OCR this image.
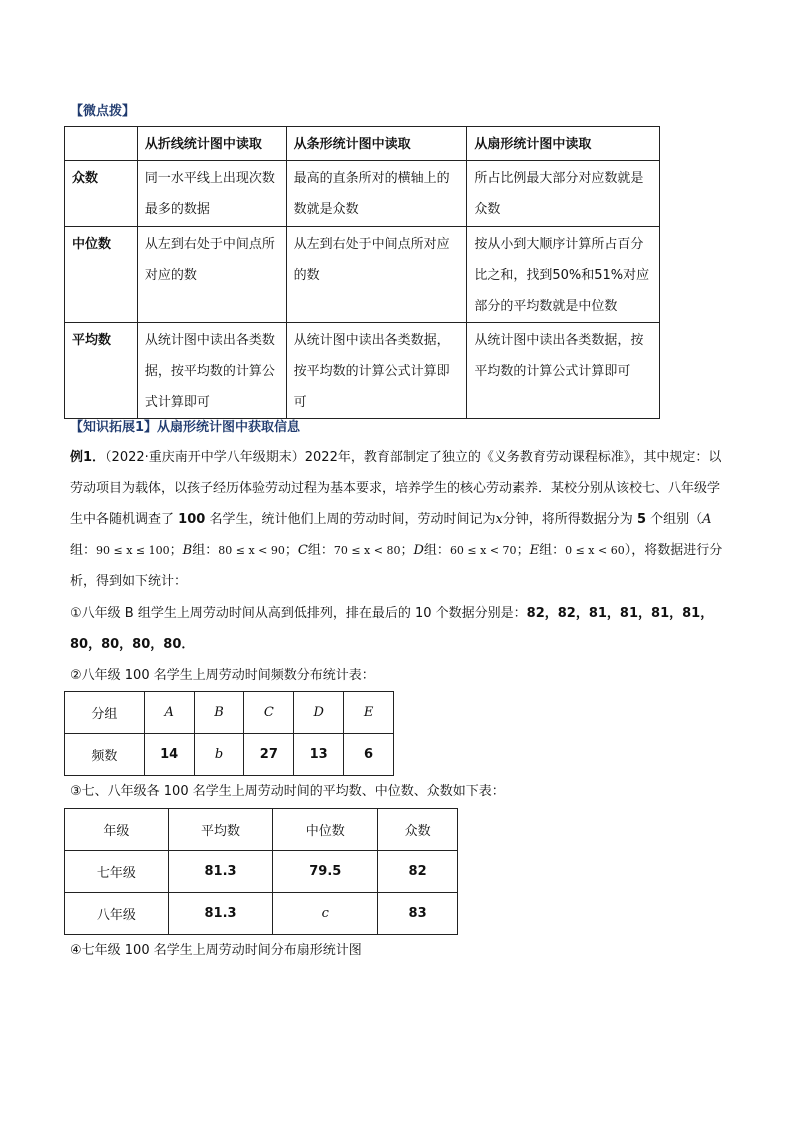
【微点拨】
	从折线统计图中读取	从条形统计图中读取	从扇形统计图中读取
众数	同一水平线上出现次数最多的数据	最高的直条所对的横轴上的数就是众数	所占比例最大部分对应数就是众数
中位数	从左到右处于中间点所对应的数	从左到右处于中间点所对应的数	按从小到大顺序计算所占百分比之和，找到50%和51%对应部分的平均数就是中位数
平均数	从统计图中读出各类数据，按平均数的计算公式计算即可	从统计图中读出各类数据，按平均数的计算公式计算即可	从统计图中读出各类数据，按平均数的计算公式计算即可
【知识拓展1】从扇形统计图中获取信息
例1．（2022·重庆南开中学八年级期末）2022年，教育部制定了独立的《义务教育劳动课程标准》，其中规定：以劳动项目为载体，以孩子经历体验劳动过程为基本要求，培养学生的核心劳动素养．某校分别从该校七、八年级学生中各随机调查了 100 名学生，统计他们上周的劳动时间，劳动时间记为x分钟，将所得数据分为 5 个组别（A组：90 ≤ x ≤ 100；B组：80 ≤ x < 90；C组：70 ≤ x < 80；D组：60 ≤ x < 70；E组：0 ≤ x < 60），将数据进行分析，得到如下统计：
①八年级 B 组学生上周劳动时间从高到低排列，排在最后的 10 个数据分别是：82，82，81，81，81，81，
80，80，80，80．
②八年级 100 名学生上周劳动时间频数分布统计表：
分组	A	B	C	D	E
频数	14	b	27	13	6
③七、八年级各 100 名学生上周劳动时间的平均数、中位数、众数如下表：
年级	平均数	中位数	众数
七年级	81.3	79.5	82
八年级	81.3	c	83
④七年级 100 名学生上周劳动时间分布扇形统计图
